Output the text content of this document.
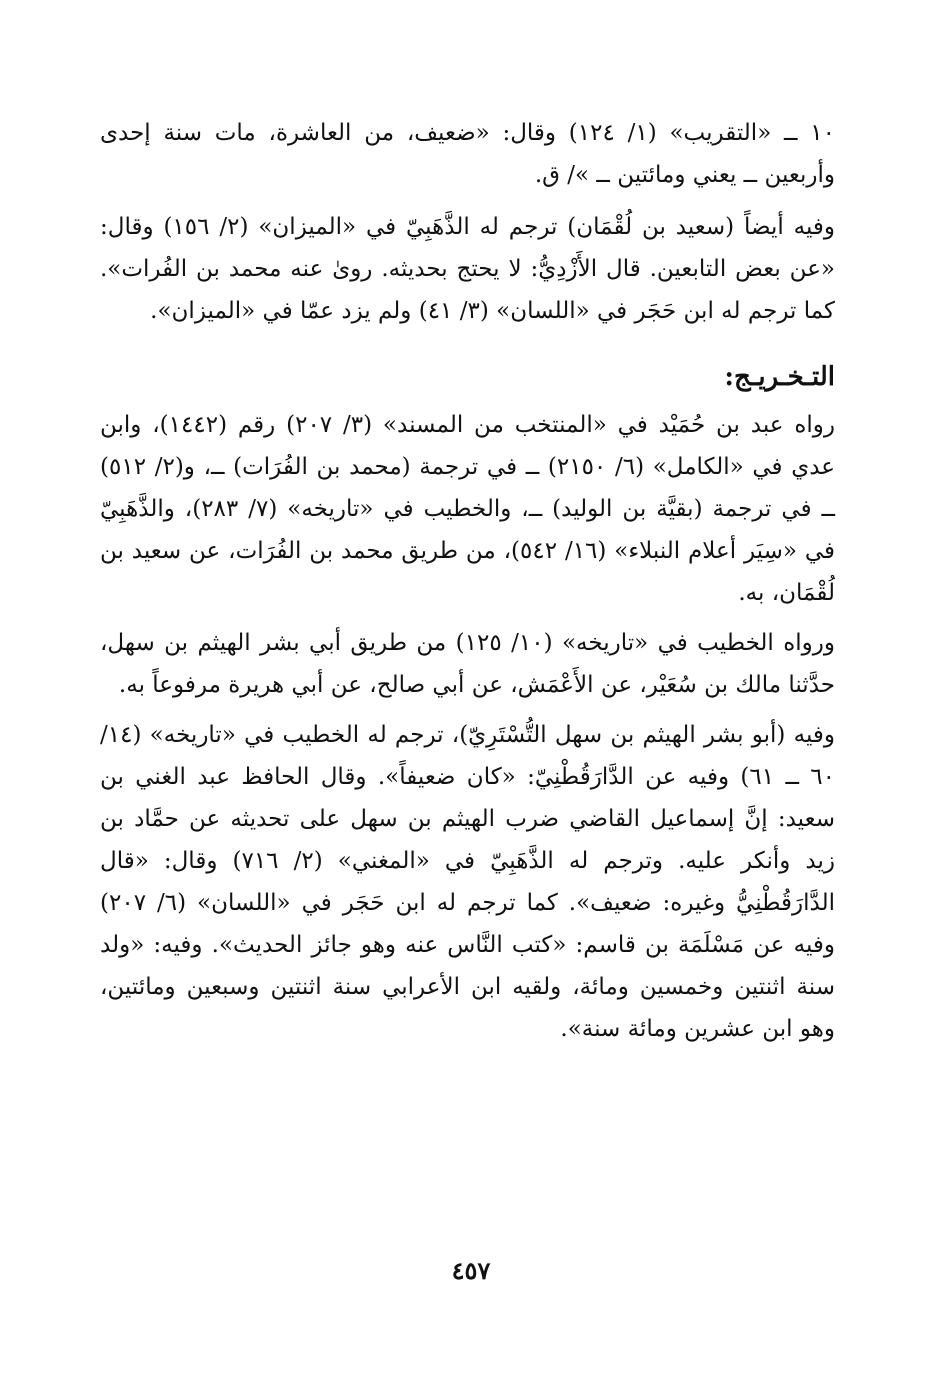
١٠ ــ «التقريب» (١/ ١٢٤) وقال: «ضعيف، من العاشرة، مات سنة إحدى وأربعين ــ يعني ومائتين ــ »/ ق.

وفيه أيضاً (سعيد بن لُقْمَان) ترجم له الذَّهَبِيّ في «الميزان» (٢/ ١٥٦) وقال: «عن بعض التابعين. قال الأَزْدِيُّ: لا يحتج بحديثه. روىٰ عنه محمد بن الفُرات». كما ترجم له ابن حَجَر في «اللسان» (٣/ ٤١) ولم يزد عمّا في «الميزان».

التـخـريـج:

رواه عبد بن حُمَيْد في «المنتخب من المسند» (٣/ ٢٠٧) رقم (١٤٤٢)، وابن عدي في «الكامل» (٦/ ٢١٥٠) ــ في ترجمة (محمد بن الفُرَات) ــ، و(٢/ ٥١٢) ــ في ترجمة (بقيَّة بن الوليد) ــ، والخطيب في «تاريخه» (٧/ ٢٨٣)، والذَّهَبِيّ في «سِيَر أعلام النبلاء» (١٦/ ٥٤٢)، من طريق محمد بن الفُرَات، عن سعيد بن لُقْمَان، به.

ورواه الخطيب في «تاريخه» (١٠/ ١٢٥) من طريق أبي بشر الهيثم بن سهل، حدَّثنا مالك بن سُعَيْر، عن الأَعْمَش، عن أبي صالح، عن أبي هريرة مرفوعاً به.

وفيه (أبو بشر الهيثم بن سهل التُّسْتَرِيّ)، ترجم له الخطيب في «تاريخه» (١٤/ ٦٠ ــ ٦١) وفيه عن الدَّارَقُطْنِيّ: «كان ضعيفاً». وقال الحافظ عبد الغني بن سعيد: إنَّ إسماعيل القاضي ضرب الهيثم بن سهل على تحديثه عن حمَّاد بن زيد وأنكر عليه. وترجم له الذَّهَبِيّ في «المغني» (٢/ ٧١٦) وقال: «قال الدَّارَقُطْنِيُّ وغيره: ضعيف». كما ترجم له ابن حَجَر في «اللسان» (٦/ ٢٠٧) وفيه عن مَسْلَمَة بن قاسم: «كتب النَّاس عنه وهو جائز الحديث». وفيه: «ولد سنة اثنتين وخمسين ومائة، ولقيه ابن الأعرابي سنة اثنتين وسبعين ومائتين، وهو ابن عشرين ومائة سنة».

٤٥٧
